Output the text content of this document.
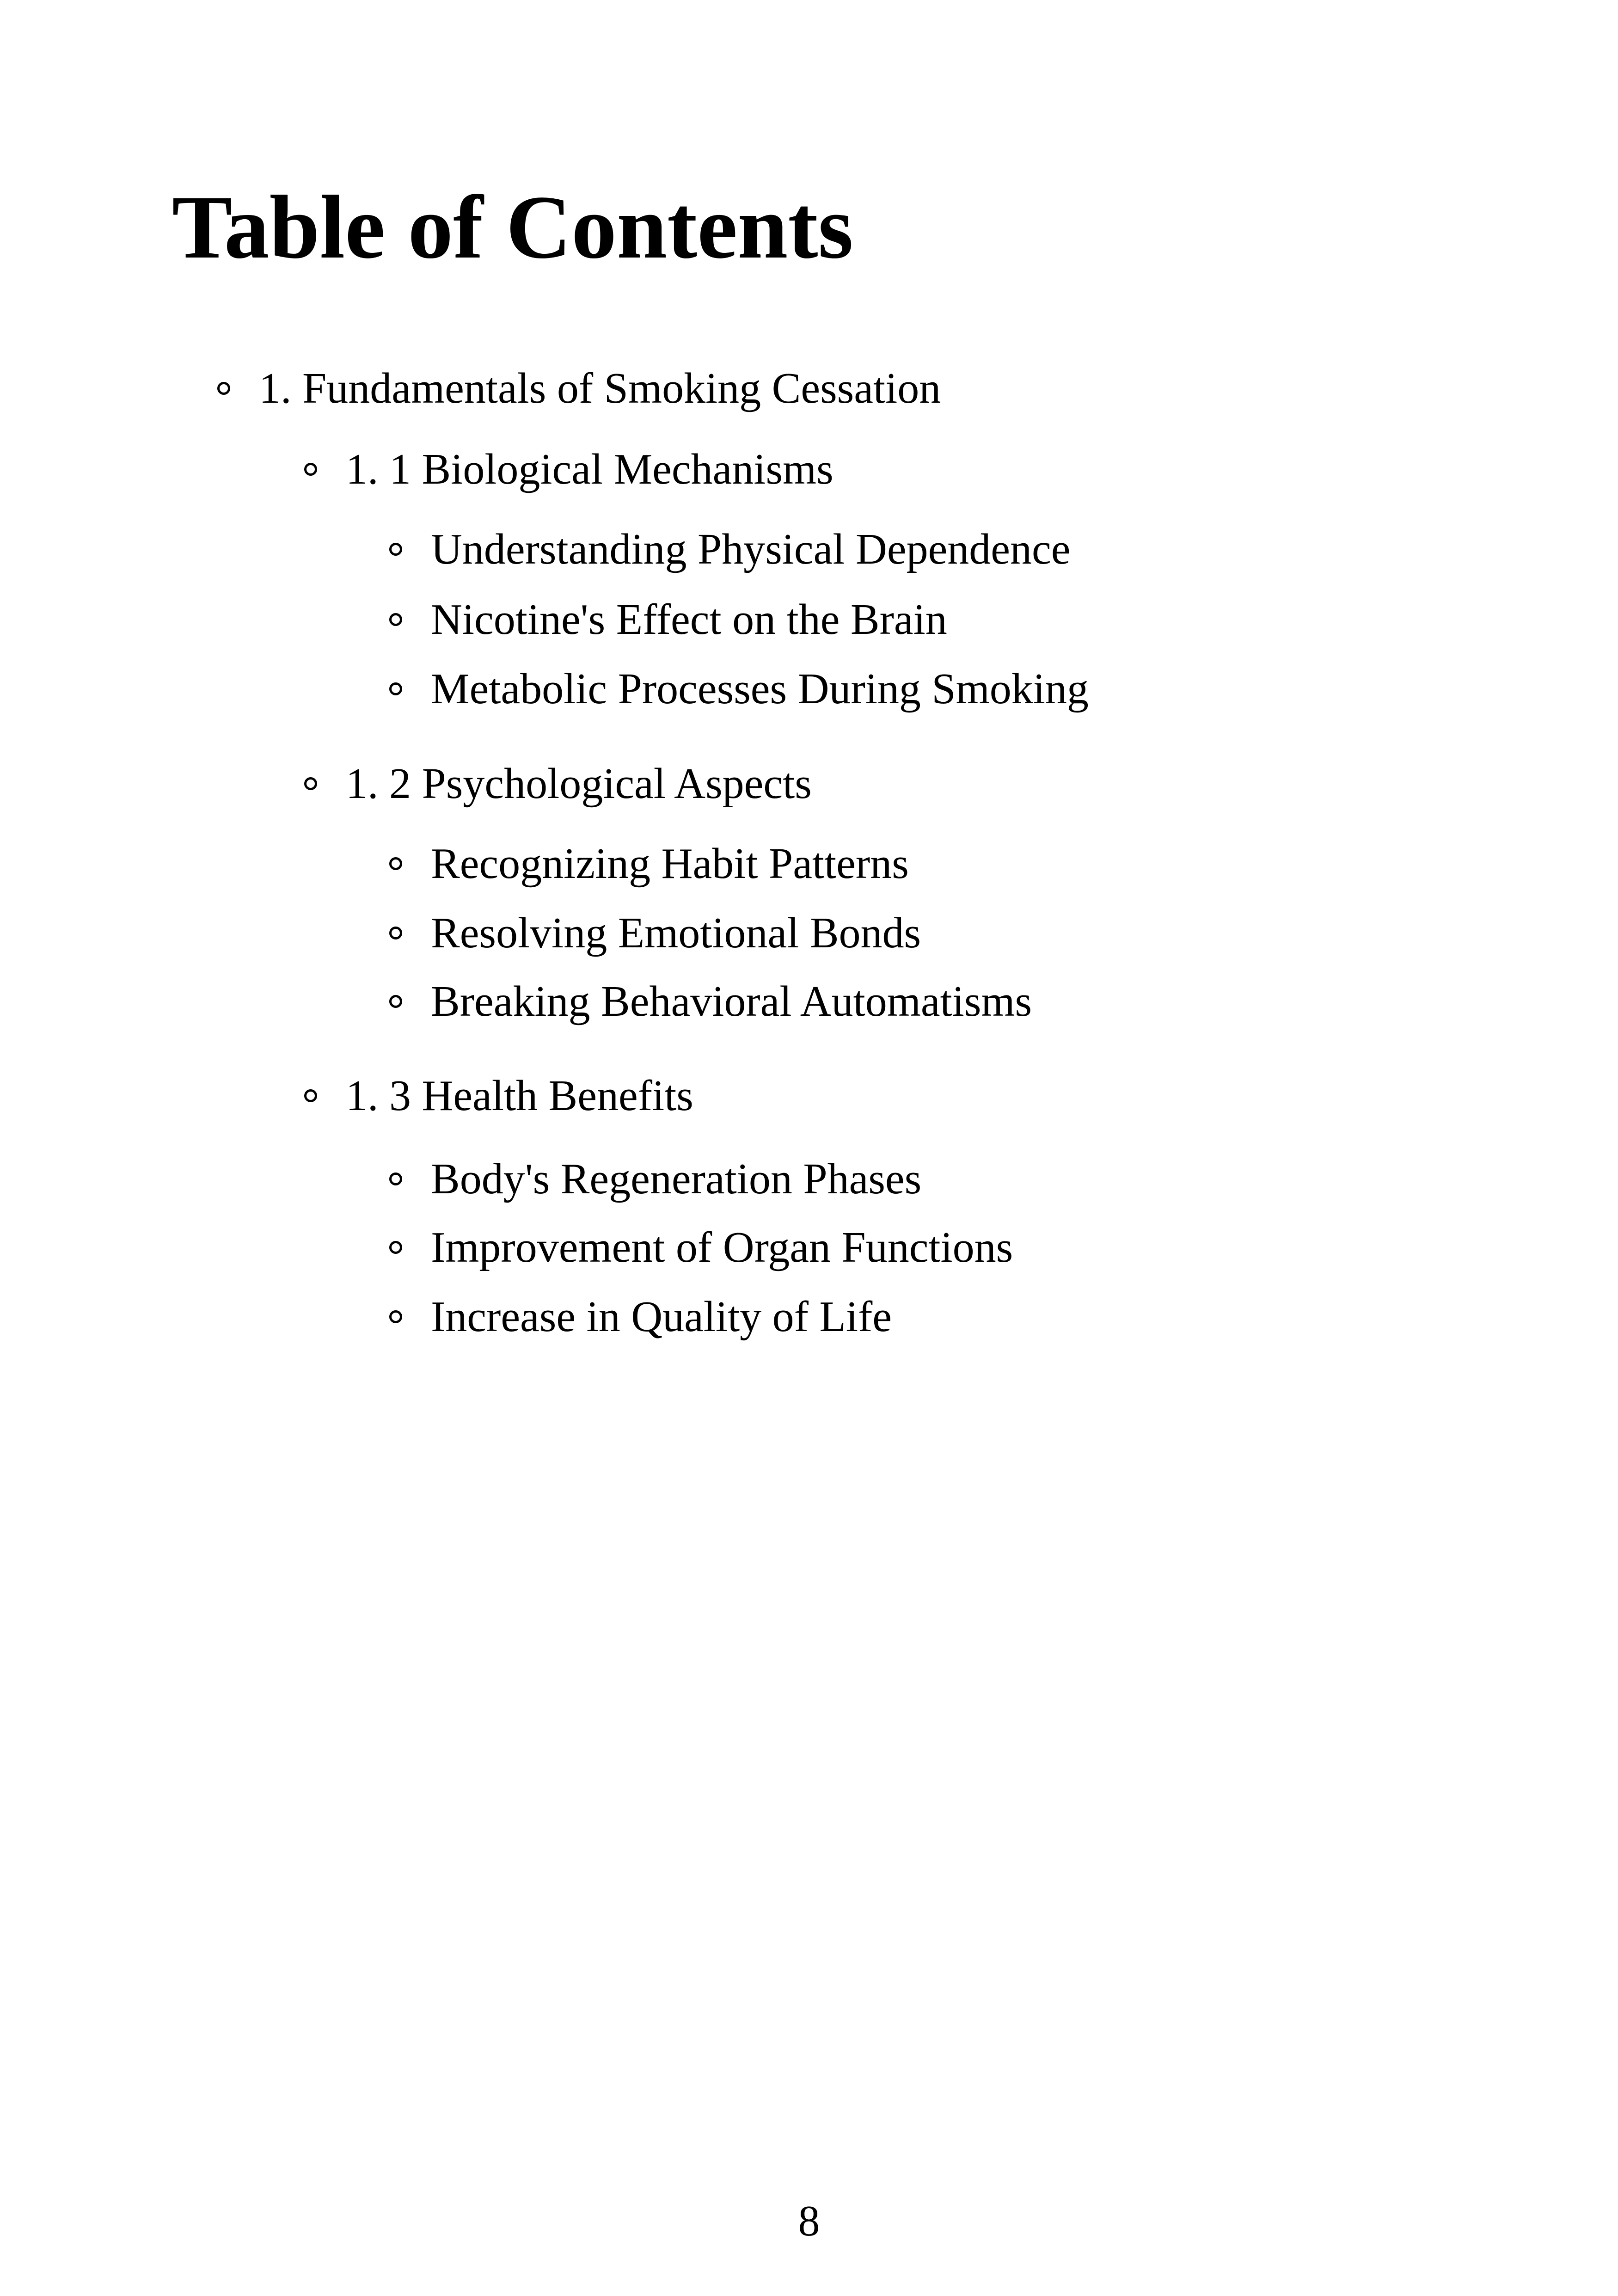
Table of Contents
1. Fundamentals of Smoking Cessation
1. 1 Biological Mechanisms
Understanding Physical Dependence
Nicotine's Effect on the Brain
Metabolic Processes During Smoking
1. 2 Psychological Aspects
Recognizing Habit Patterns
Resolving Emotional Bonds
Breaking Behavioral Automatisms
1. 3 Health Benefits
Body's Regeneration Phases
Improvement of Organ Functions
Increase in Quality of Life
8
